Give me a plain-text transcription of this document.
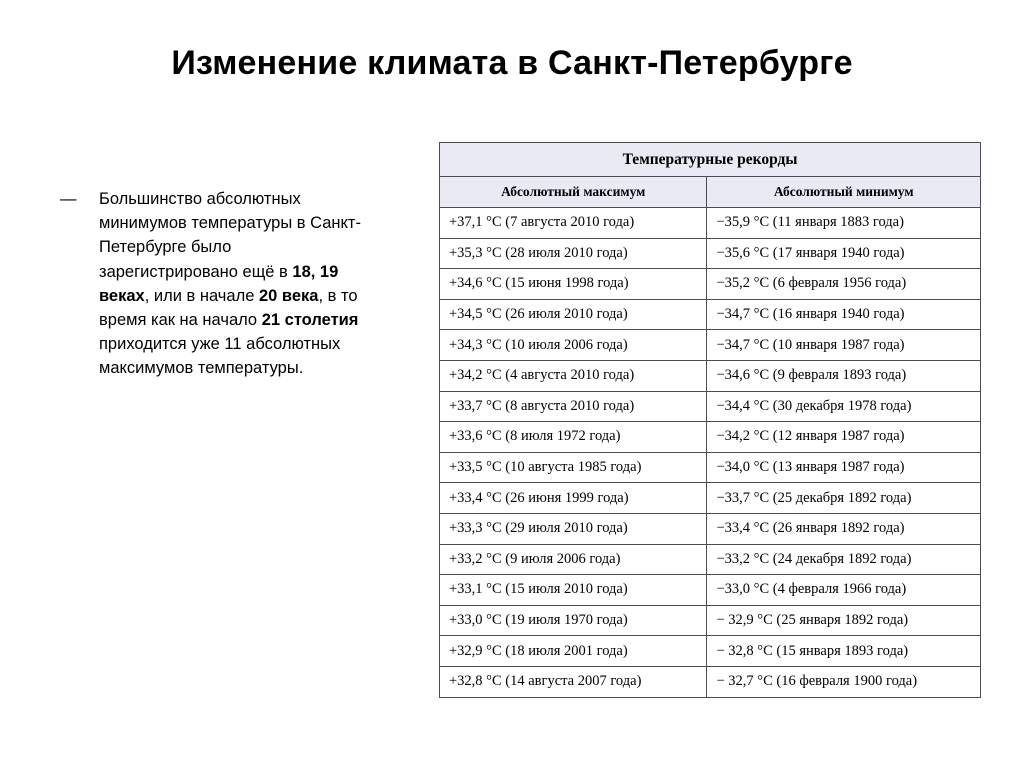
Изменение климата в Санкт-Петербурге
— Большинство абсолютных минимумов температуры в Санкт-Петербурге было зарегистрировано ещё в 18, 19 веках, или в начале 20 века, в то время как на начало 21 столетия приходится уже 11 абсолютных максимумов температуры.
Температурные рекорды	
Абсолютный максимум	Абсолютный минимум
+37,1 °С (7 августа 2010 года)	−35,9 °C (11 января 1883 года)
+35,3 °С (28 июля 2010 года)	−35,6 °C (17 января 1940 года)
+34,6 °С (15 июня 1998 года)	−35,2 °C (6 февраля 1956 года)
+34,5 °С (26 июля 2010 года)	−34,7 °C (16 января 1940 года)
+34,3 °С (10 июля 2006 года)	−34,7 °C (10 января 1987 года)
+34,2 °С (4 августа 2010 года)	−34,6 °C (9 февраля 1893 года)
+33,7 °С (8 августа 2010 года)	−34,4 °C (30 декабря 1978 года)
+33,6 °С (8 июля 1972 года)	−34,2 °C (12 января 1987 года)
+33,5 °С (10 августа 1985 года)	−34,0 °C (13 января 1987 года)
+33,4 °С (26 июня 1999 года)	−33,7 °C (25 декабря 1892 года)
+33,3 °С (29 июля 2010 года)	−33,4 °C (26 января 1892 года)
+33,2 °С (9 июля 2006 года)	−33,2 °C (24 декабря 1892 года)
+33,1 °С (15 июля 2010 года)	−33,0 °C (4 февраля 1966 года)
+33,0 °С (19 июля 1970 года)	− 32,9 °C (25 января 1892 года)
+32,9 °С (18 июля 2001 года)	− 32,8 °C (15 января 1893 года)
+32,8 °С (14 августа 2007 года)	− 32,7 °C (16 февраля 1900 года)
